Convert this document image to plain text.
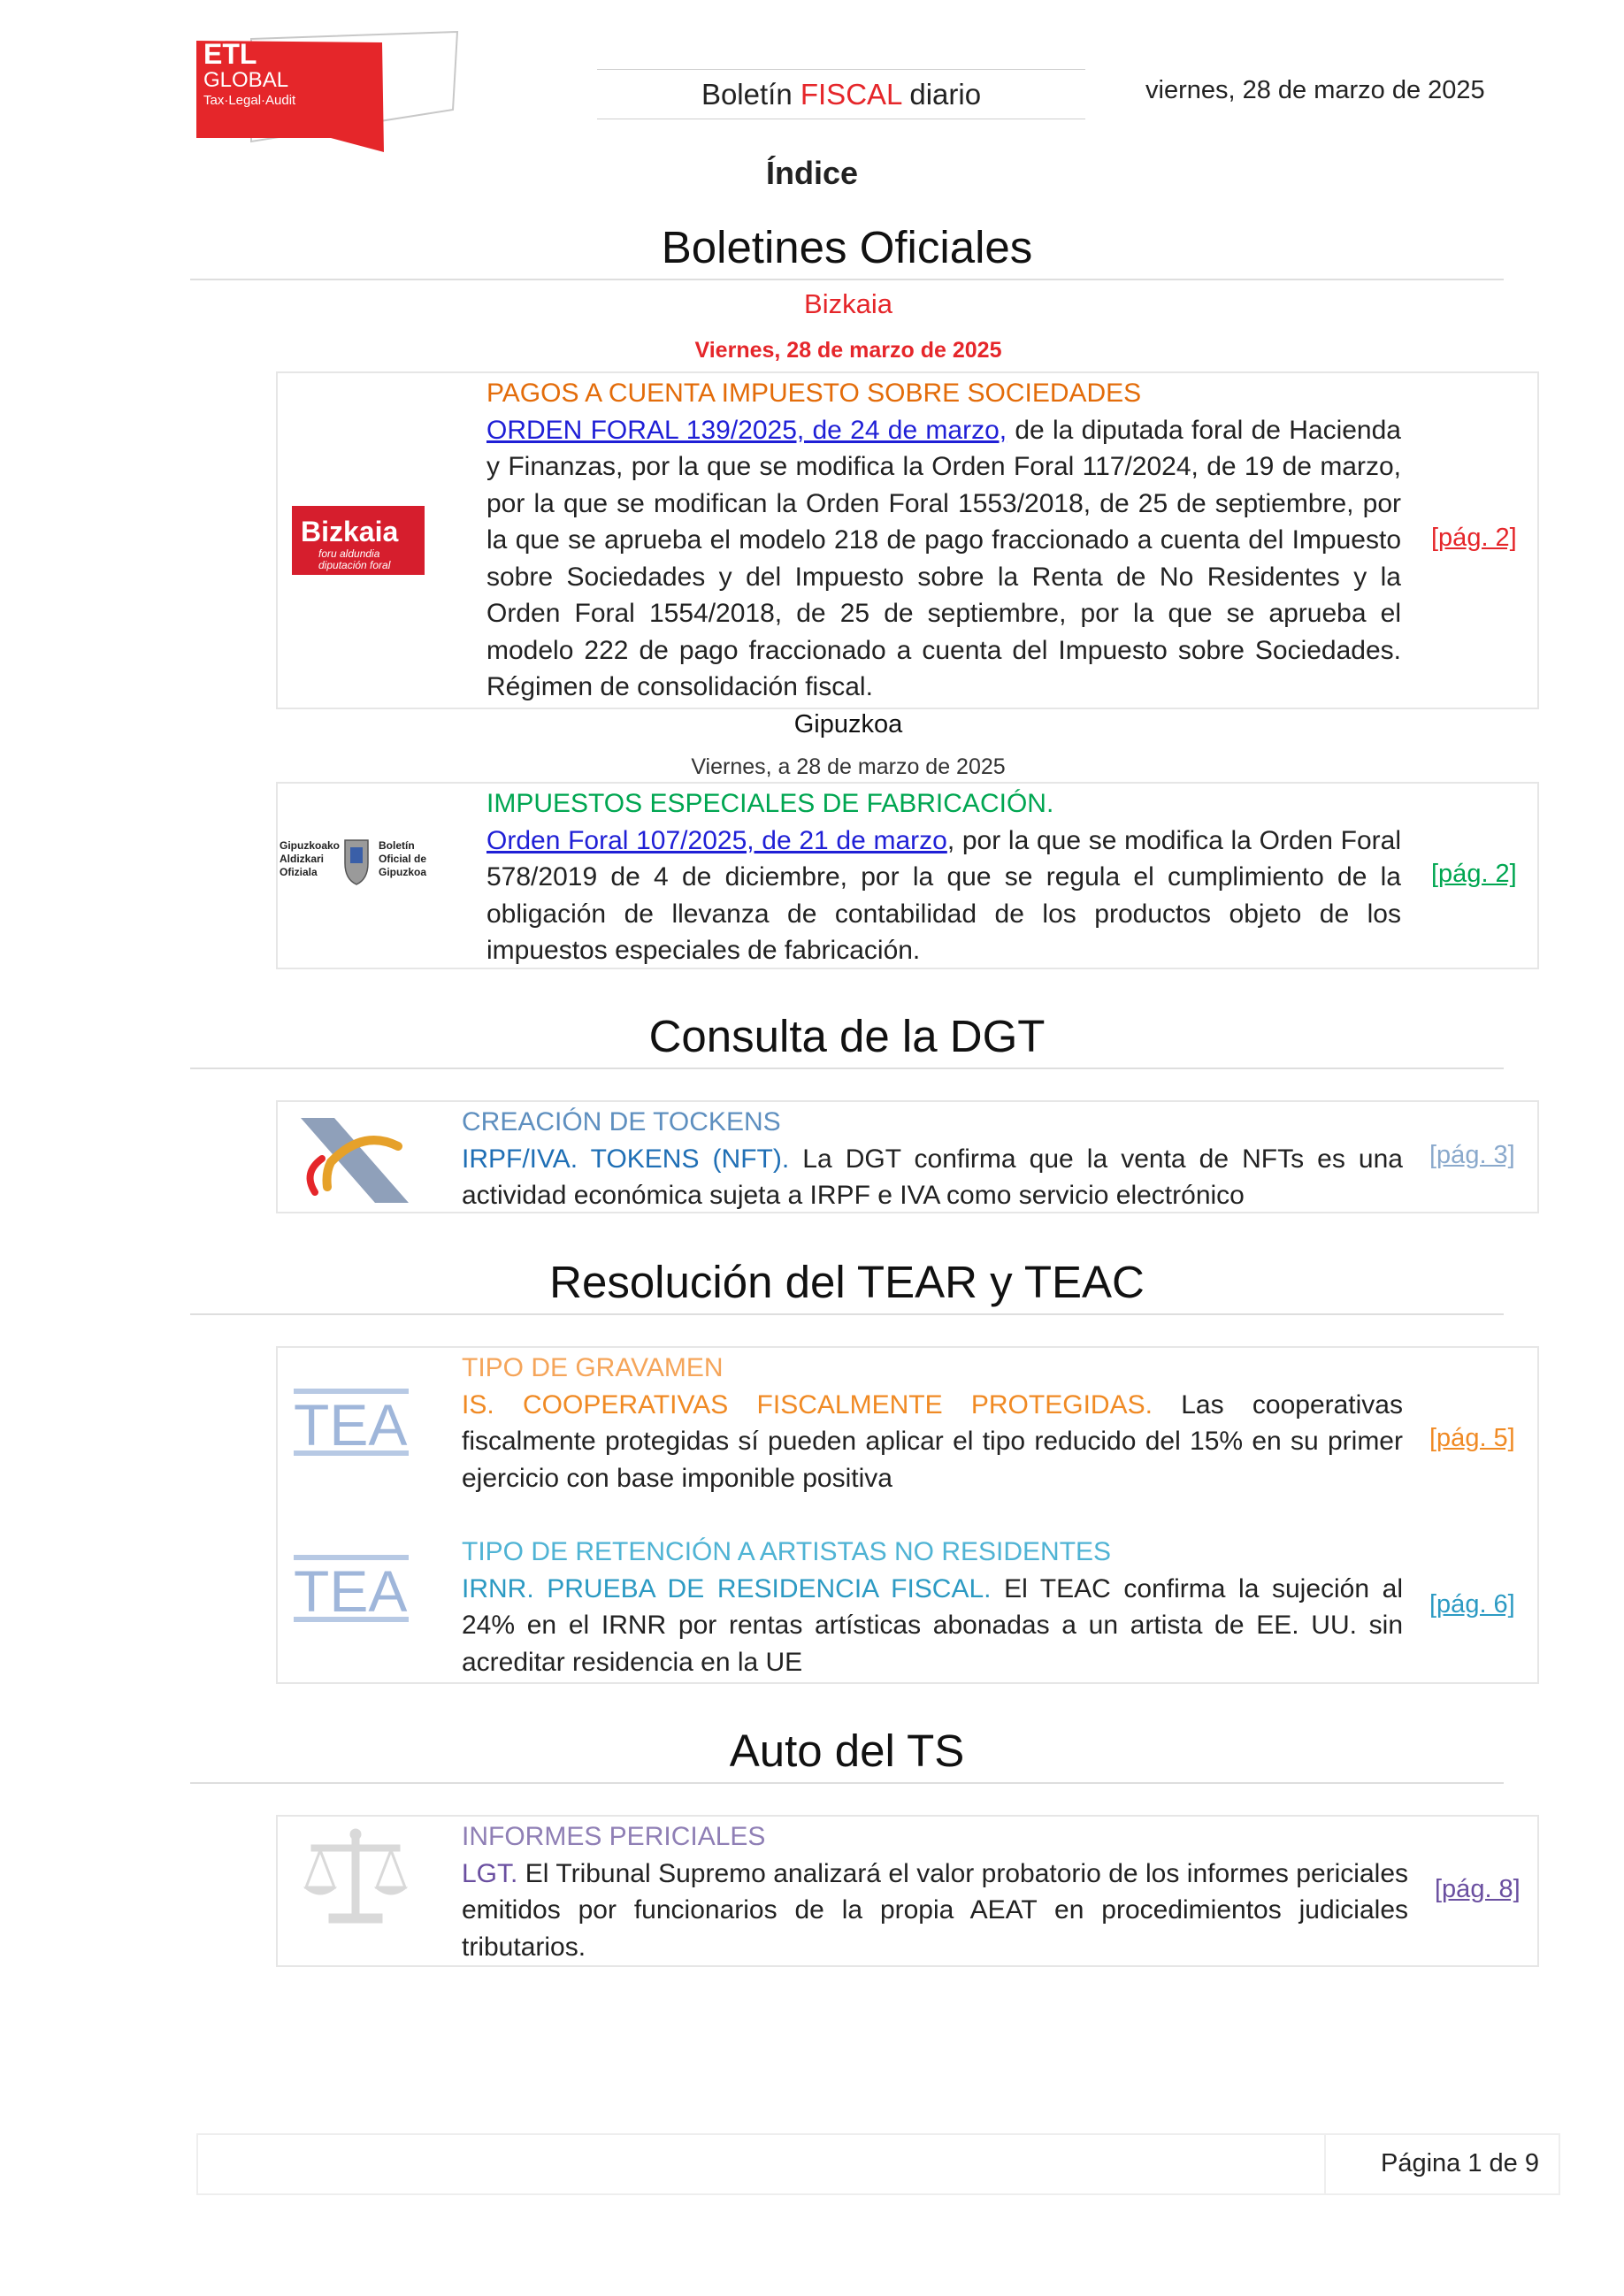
ETL
GLOBAL
Tax·Legal·Audit	Boletín FISCAL diario	viernes, 28 de marzo de 2025
Índice
Boletines Oficiales
Bizkaia
Viernes, 28 de marzo de 2025
Bizkaia
foru aldundia
diputación foral
PAGOS A CUENTA IMPUESTO SOBRE SOCIEDADES
ORDEN FORAL 139/2025, de 24 de marzo, de la diputada foral de Hacienda y Finanzas, por la que se modifica la Orden Foral 117/2024, de 19 de marzo, por la que se modifican la Orden Foral 1553/2018, de 25 de septiembre, por la que se aprueba el modelo 218 de pago fraccionado a cuenta del Impuesto sobre Sociedades y del Impuesto sobre la Renta de No Residentes y la Orden Foral 1554/2018, de 25 de septiembre, por la que se aprueba el modelo 222 de pago fraccionado a cuenta del Impuesto sobre Sociedades. Régimen de consolidación fiscal.
[pág. 2]
Gipuzkoa
Viernes, a 28 de marzo de 2025
Gipuzkoako
Aldizkari
Ofiziala
Boletín
Oficial de
Gipuzkoa
IMPUESTOS ESPECIALES DE FABRICACIÓN.
Orden Foral 107/2025, de 21 de marzo, por la que se modifica la Orden Foral 578/2019 de 4 de diciembre, por la que se regula el cumplimiento de la obligación de llevanza de contabilidad de los productos objeto de los impuestos especiales de fabricación.
[pág. 2]
Consulta de la DGT
CREACIÓN DE TOCKENS
IRPF/IVA. TOKENS (NFT). La DGT confirma que la venta de NFTs es una actividad económica sujeta a IRPF e IVA como servicio electrónico
[pág. 3]
Resolución del TEAR y TEAC
TEA
TIPO DE GRAVAMEN
IS. COOPERATIVAS FISCALMENTE PROTEGIDAS. Las cooperativas fiscalmente protegidas sí pueden aplicar el tipo reducido del 15% en su primer ejercicio con base imponible positiva
[pág. 5]
TEA
TIPO DE RETENCIÓN A ARTISTAS NO RESIDENTES
IRNR. PRUEBA DE RESIDENCIA FISCAL. El TEAC confirma la sujeción al 24% en el IRNR por rentas artísticas abonadas a un artista de EE. UU. sin acreditar residencia en la UE
[pág. 6]
Auto del TS
INFORMES PERICIALES
LGT. El Tribunal Supremo analizará el valor probatorio de los informes periciales emitidos por funcionarios de la propia AEAT en procedimientos judiciales tributarios.
[pág. 8]
Página 1 de 9
